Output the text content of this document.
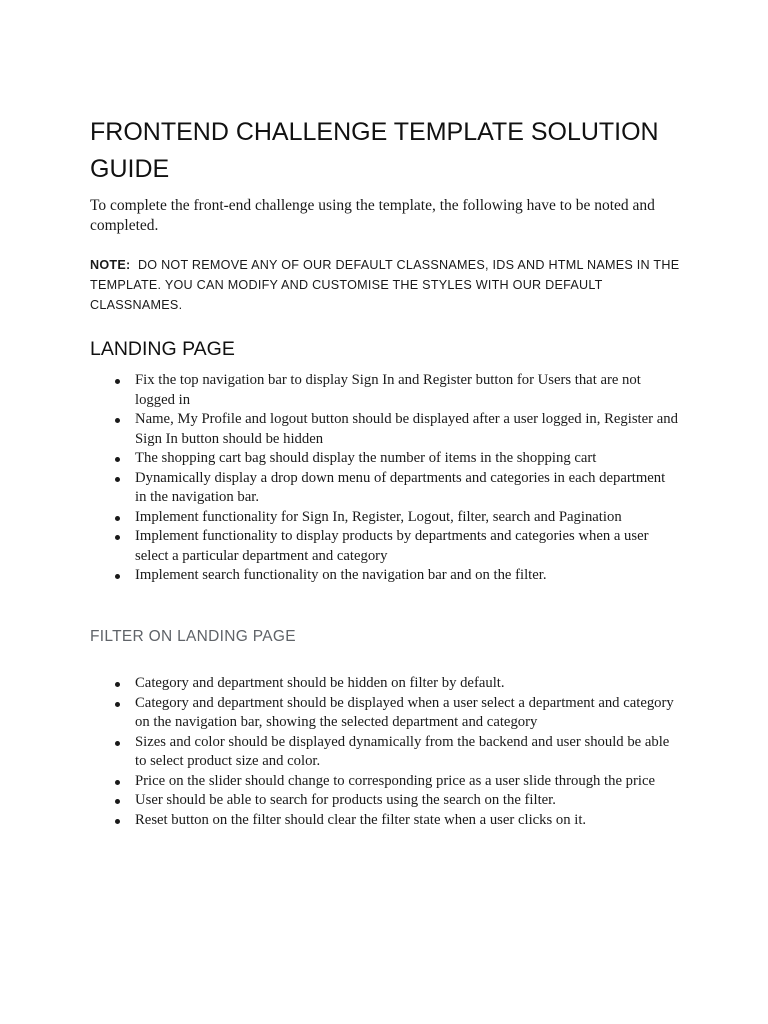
FRONTEND CHALLENGE TEMPLATE SOLUTION GUIDE

To complete the front-end challenge using the template, the following have to be noted and completed.

NOTE: DO NOT REMOVE ANY OF OUR DEFAULT CLASSNAMES, IDS AND HTML NAMES IN THE TEMPLATE. YOU CAN MODIFY AND CUSTOMISE THE STYLES WITH OUR DEFAULT CLASSNAMES.

LANDING PAGE
Fix the top navigation bar to display Sign In and Register button for Users that are not logged in
Name, My Profile and logout button should be displayed after a user logged in, Register and Sign In button should be hidden
The shopping cart bag should display the number of items in the shopping cart
Dynamically display a drop down menu of departments and categories in each department in the navigation bar.
Implement functionality for Sign In, Register, Logout, filter, search and Pagination
Implement functionality to display products by departments and categories when a user select a particular department and category
Implement search functionality on the navigation bar and on the filter.
FILTER ON LANDING PAGE
Category and department should be hidden on filter by default.
Category and department should be displayed when a user select a department and category on the navigation bar, showing the selected department and category
Sizes and color should be displayed dynamically from the backend and user should be able to select product size and color.
Price on the slider should change to corresponding price as a user slide through the price
User should be able to search for products using the search on the filter.
Reset button on the filter should clear the filter state when a user clicks on it.
